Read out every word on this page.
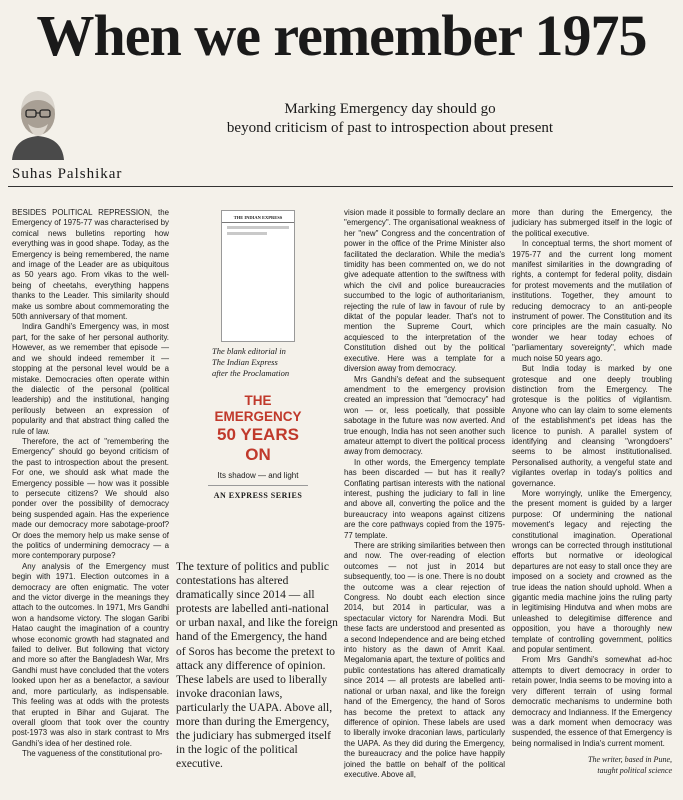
When we remember 1975
Marking Emergency day should go
beyond criticism of past to introspection about present
Suhas Palshikar

BESIDES POLITICAL REPRESSION, the Emergency of 1975-77 was characterised by comical news bulletins reporting how everything was in good shape. Today, as the Emergency is being remembered, the name and image of the Leader are as ubiquitous as 50 years ago. From vikas to the well-being of cheetahs, everything happens thanks to the Leader. This similarity should make us sombre about commemorating the 50th anniversary of that moment.

Indira Gandhi's Emergency was, in most part, for the sake of her personal authority. However, as we remember that episode — and we should indeed remember it — stopping at the personal level would be a mistake. Democracies often operate within the dialectic of the personal (political leadership) and the institutional, hanging perilously between an expression of popularity and that abstract thing called the rule of law.

Therefore, the act of "remembering the Emergency" should go beyond criticism of the past to introspection about the present. For one, we should ask what made the Emergency possible — how was it possible to persecute citizens? We should also ponder over the possibility of democracy being suspended again. Has the experience made our democracy more sabotage-proof? Or does the memory help us make sense of the politics of undermining democracy — a more contemporary purpose?

Any analysis of the Emergency must begin with 1971. Election outcomes in a democracy are often enigmatic. The voter and the victor diverge in the meanings they attach to the outcomes. In 1971, Mrs Gandhi won a handsome victory. The slogan Garibi Hatao caught the imagination of a country whose economic growth had stagnated and failed to deliver. But following that victory and more so after the Bangladesh War, Mrs Gandhi must have concluded that the voters looked upon her as a benefactor, a saviour and, more particularly, as indispensable. This feeling was at odds with the protests that erupted in Bihar and Gujarat. The overall gloom that took over the country post-1973 was also in stark contrast to Mrs Gandhi's idea of her destined role.

The vagueness of the constitutional pro-

THE INDIAN EXPRESS
The blank editorial in
The Indian Express
after the Proclamation
THE EMERGENCY
50 YEARS ON
Its shadow — and light
AN EXPRESS SERIES
The texture of politics and public contestations has altered dramatically since 2014 — all protests are labelled anti-national or urban naxal, and like the foreign hand of the Emergency, the hand of Soros has become the pretext to attack any difference of opinion. These labels are used to liberally invoke draconian laws, particularly the UAPA. Above all, more than during the Emergency, the judiciary has submerged itself in the logic of the political executive.

vision made it possible to formally declare an "emergency". The organisational weakness of her "new" Congress and the concentration of power in the office of the Prime Minister also facilitated the declaration. While the media's timidity has been commented on, we do not give adequate attention to the swiftness with which the civil and police bureaucracies succumbed to the logic of authoritarianism, rejecting the rule of law in favour of rule by diktat of the popular leader. That's not to mention the Supreme Court, which acquiesced to the interpretation of the Constitution dished out by the political executive. Here was a template for a diversion away from democracy.

Mrs Gandhi's defeat and the subsequent amendment to the emergency provision created an impression that "democracy" had won — or, less poetically, that possible sabotage in the future was now averted. And true enough, India has not seen another such amateur attempt to divert the political process away from democracy.

In other words, the Emergency template has been discarded — but has it really? Conflating partisan interests with the national interest, pushing the judiciary to fall in line and above all, converting the police and the bureaucracy into weapons against citizens are the core pathways copied from the 1975-77 template.

There are striking similarities between then and now. The over-reading of election outcomes — not just in 2014 but subsequently, too — is one. There is no doubt the outcome was a clear rejection of Congress. No doubt each election since 2014, but 2014 in particular, was a spectacular victory for Narendra Modi. But these facts are understood and presented as a second Independence and are being etched into history as the dawn of Amrit Kaal. Megalomania apart, the texture of politics and public contestations has altered dramatically since 2014 — all protests are labelled anti-national or urban naxal, and like the foreign hand of the Emergency, the hand of Soros has become the pretext to attack any difference of opinion. These labels are used to liberally invoke draconian laws, particularly the UAPA. As they did during the Emergency, the bureaucracy and the police have happily joined the battle on behalf of the political executive. Above all,

more than during the Emergency, the judiciary has submerged itself in the logic of the political executive.

In conceptual terms, the short moment of 1975-77 and the current long moment manifest similarities in the downgrading of rights, a contempt for federal polity, disdain for protest movements and the mutilation of institutions. Together, they amount to reducing democracy to an anti-people instrument of power. The Constitution and its core principles are the main casualty. No wonder we hear today echoes of "parliamentary sovereignty", which made much noise 50 years ago.

But India today is marked by one grotesque and one deeply troubling distinction from the Emergency. The grotesque is the politics of vigilantism. Anyone who can lay claim to some elements of the establishment's pet ideas has the licence to punish. A parallel system of identifying and cleansing "wrongdoers" seems to be almost institutionalised. Personalised authority, a vengeful state and vigilantes overlap in today's politics and governance.

More worryingly, unlike the Emergency, the present moment is guided by a larger purpose: Of undermining the national movement's legacy and rejecting the constitutional imagination. Operational wrongs can be corrected through institutional efforts but normative or ideological departures are not easy to stall once they are imposed on a society and crowned as the true ideas the nation should uphold. When a gigantic media machine joins the ruling party in legitimising Hindutva and when mobs are unleashed to delegitimise difference and opposition, you have a thoroughly new template of controlling government, politics and popular sentiment.

From Mrs Gandhi's somewhat ad-hoc attempts to divert democracy in order to retain power, India seems to be moving into a very different terrain of using formal democratic mechanisms to undermine both democracy and Indianness. If the Emergency was a dark moment when democracy was suspended, the essence of that Emergency is being normalised in India's current moment.

The writer, based in Pune,
taught political science
